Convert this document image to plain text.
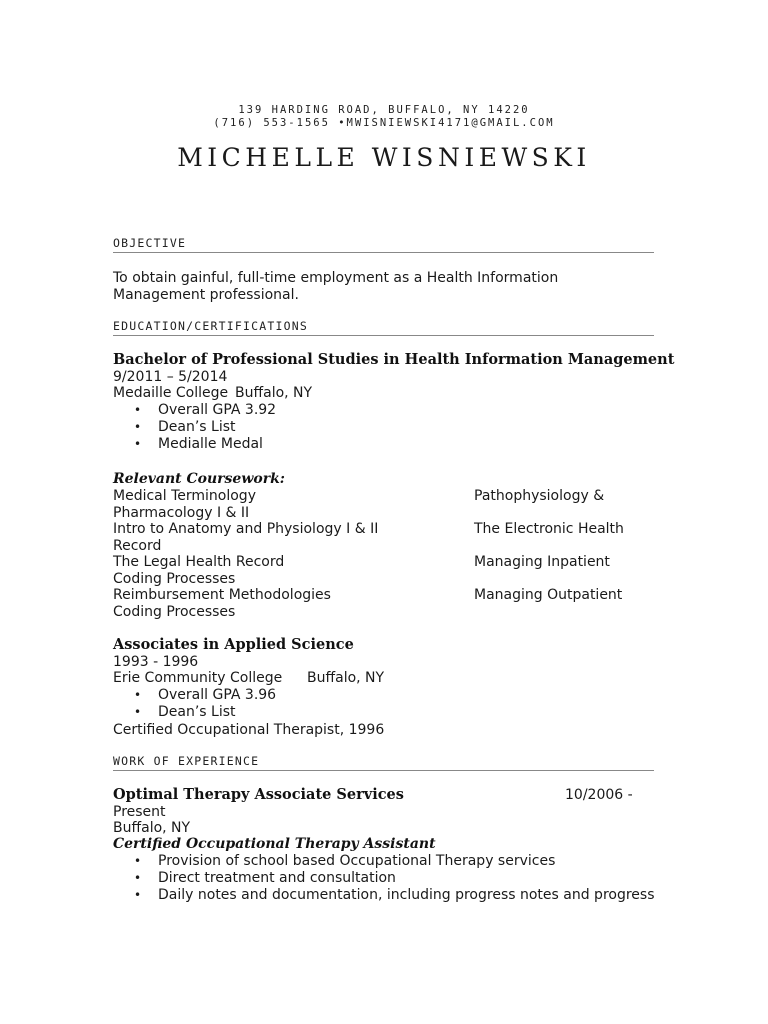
139 HARDING ROAD, BUFFALO, NY 14220
(716) 553-1565 •MWISNIEWSKI4171@GMAIL.COM
MICHELLE WISNIEWSKI
OBJECTIVE
To obtain gainful, full-time employment as a Health Information
Management professional.
EDUCATION/CERTIFICATIONS
Bachelor of Professional Studies in Health Information Management
9/2011 – 5/2014
Medaille College Buffalo, NY
•	Overall GPA 3.92
•	Dean’s List
•	Medialle Medal
Relevant Coursework:
Medical Terminology	Pathophysiology &
Pharmacology I & II
Intro to Anatomy and Physiology I & II	The Electronic Health
Record
The Legal Health Record	Managing Inpatient
Coding Processes
Reimbursement Methodologies	Managing Outpatient
Coding Processes
Associates in Applied Science
1993 - 1996
Erie Community College Buffalo, NY
•	Overall GPA 3.96
•	Dean’s List
Certified Occupational Therapist, 1996
WORK OF EXPERIENCE
Optimal Therapy Associate Services	10/2006 -
Present
Buffalo, NY
Certified Occupational Therapy Assistant
•	Provision of school based Occupational Therapy services
•	Direct treatment and consultation
•	Daily notes and documentation, including progress notes and progress
